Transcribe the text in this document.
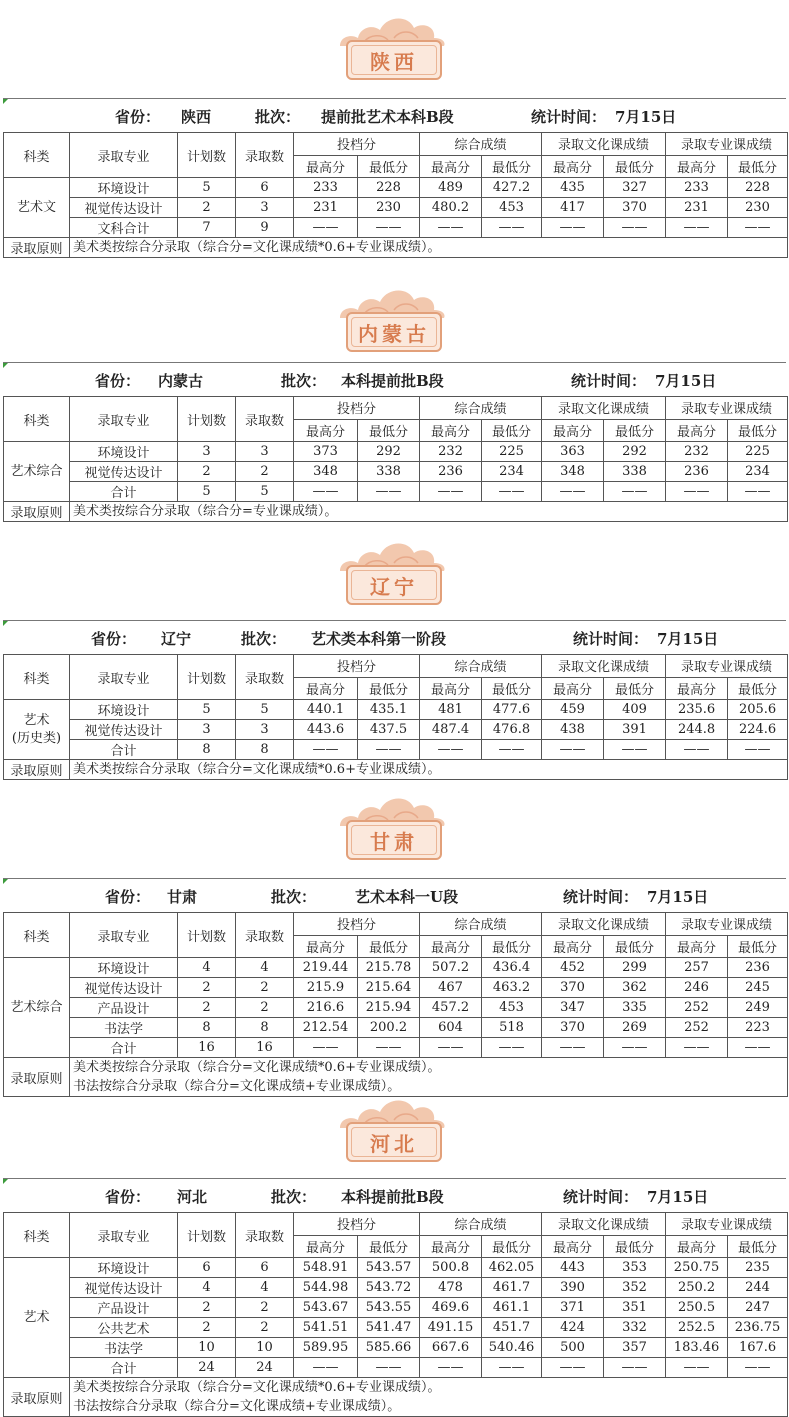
陕西
省份： 陕西	批次： 提前批艺术本科B段	统计时间： 7月15日
科类	录取专业	计划数	录取数	投档分		综合成绩		录取文化课成绩		录取专业课成绩	
				最高分	最低分	最高分	最低分	最高分	最低分	最高分	最低分
艺术文	环境设计	5	6	233	228	489	427.2	435	327	233	228
	视觉传达设计	2	3	231	230	480.2	453	417	370	231	230
	文科合计	7	9	——	——	——	——	——	——	——	——
录取原则	美术类按综合分录取（综合分=文化课成绩*0.6+专业课成绩）。										
内蒙古
省份： 内蒙古	批次： 本科提前批B段	统计时间： 7月15日
科类	录取专业	计划数	录取数	投档分		综合成绩		录取文化课成绩		录取专业课成绩	
				最高分	最低分	最高分	最低分	最高分	最低分	最高分	最低分
艺术综合	环境设计	3	3	373	292	232	225	363	292	232	225
	视觉传达设计	2	2	348	338	236	234	348	338	236	234
	合计	5	5	——	——	——	——	——	——	——	——
录取原则	美术类按综合分录取（综合分=专业课成绩）。										
辽宁
省份： 辽宁	批次： 艺术类本科第一阶段	统计时间： 7月15日
科类	录取专业	计划数	录取数	投档分		综合成绩		录取文化课成绩		录取专业课成绩	
				最高分	最低分	最高分	最低分	最高分	最低分	最高分	最低分
艺术
(历史类)	环境设计	5	5	440.1	435.1	481	477.6	459	409	235.6	205.6
	视觉传达设计	3	3	443.6	437.5	487.4	476.8	438	391	244.8	224.6
	合计	8	8	——	——	——	——	——	——	——	——
录取原则	美术类按综合分录取（综合分=文化课成绩*0.6+专业课成绩）。										
甘肃
省份： 甘肃	批次：	艺术本科一U段	统计时间： 7月15日
科类	录取专业	计划数	录取数	投档分		综合成绩		录取文化课成绩		录取专业课成绩	
				最高分	最低分	最高分	最低分	最高分	最低分	最高分	最低分
艺术综合	环境设计	4	4	219.44	215.78	507.2	436.4	452	299	257	236
	视觉传达设计	2	2	215.9	215.64	467	463.2	370	362	246	245
	产品设计	2	2	216.6	215.94	457.2	453	347	335	252	249
	书法学	8	8	212.54	200.2	604	518	370	269	252	223
	合计	16	16	——	——	——	——	——	——	——	——
录取原则	美术类按综合分录取（综合分=文化课成绩*0.6+专业课成绩）。
书法按综合分录取（综合分=文化课成绩+专业课成绩）。										
河北
省份： 河北	批次： 本科提前批B段	统计时间： 7月15日
科类	录取专业	计划数	录取数	投档分		综合成绩		录取文化课成绩		录取专业课成绩	
				最高分	最低分	最高分	最低分	最高分	最低分	最高分	最低分
艺术	环境设计	6	6	548.91	543.57	500.8	462.05	443	353	250.75	235
	视觉传达设计	4	4	544.98	543.72	478	461.7	390	352	250.2	244
	产品设计	2	2	543.67	543.55	469.6	461.1	371	351	250.5	247
	公共艺术	2	2	541.51	541.47	491.15	451.7	424	332	252.5	236.75
	书法学	10	10	589.95	585.66	667.6	540.46	500	357	183.46	167.6
	合计	24	24	——	——	——	——	——	——	——	——
录取原则	美术类按综合分录取（综合分=文化课成绩*0.6+专业课成绩）。
书法按综合分录取（综合分=文化课成绩+专业课成绩）。										
